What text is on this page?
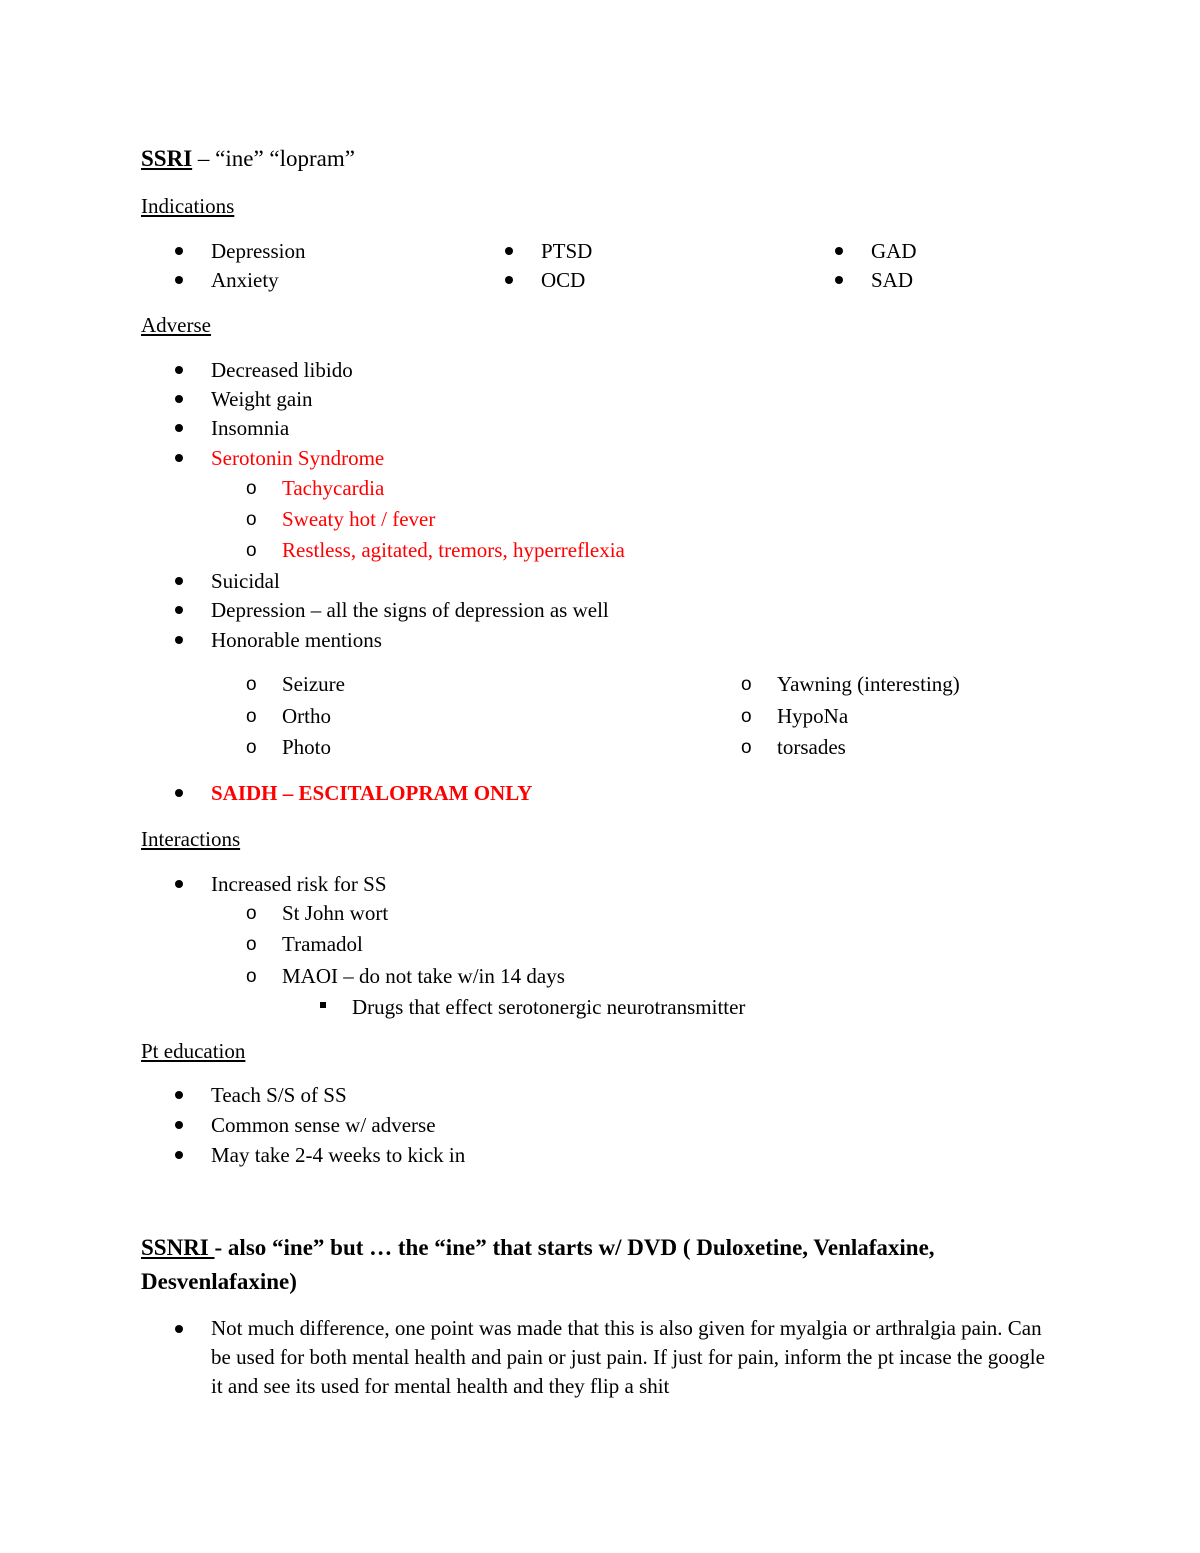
SSRI – “ine” “lopram”
Indications
Depression
Anxiety
PTSD
OCD
GAD
SAD
Adverse
Decreased libido
Weight gain
Insomnia
Serotonin Syndrome
o Tachycardia
o Sweaty hot / fever
o Restless, agitated, tremors, hyperreflexia
Suicidal
Depression – all the signs of depression as well
Honorable mentions
o Seizure
o Ortho
o Photo
o Yawning (interesting)
o HypoNa
o torsades
SAIDH – ESCITALOPRAM ONLY
Interactions
Increased risk for SS
o St John wort
o Tramadol
o MAOI – do not take w/in 14 days
Drugs that effect serotonergic neurotransmitter
Pt education
Teach S/S of SS
Common sense w/ adverse
May take 2-4 weeks to kick in
SSNRI - also “ine” but … the “ine” that starts w/ DVD ( Duloxetine, Venlafaxine,
Desvenlafaxine)
Not much difference, one point was made that this is also given for myalgia or arthralgia pain. Can be used for both mental health and pain or just pain. If just for pain, inform the pt incase the google it and see its used for mental health and they flip a shit
